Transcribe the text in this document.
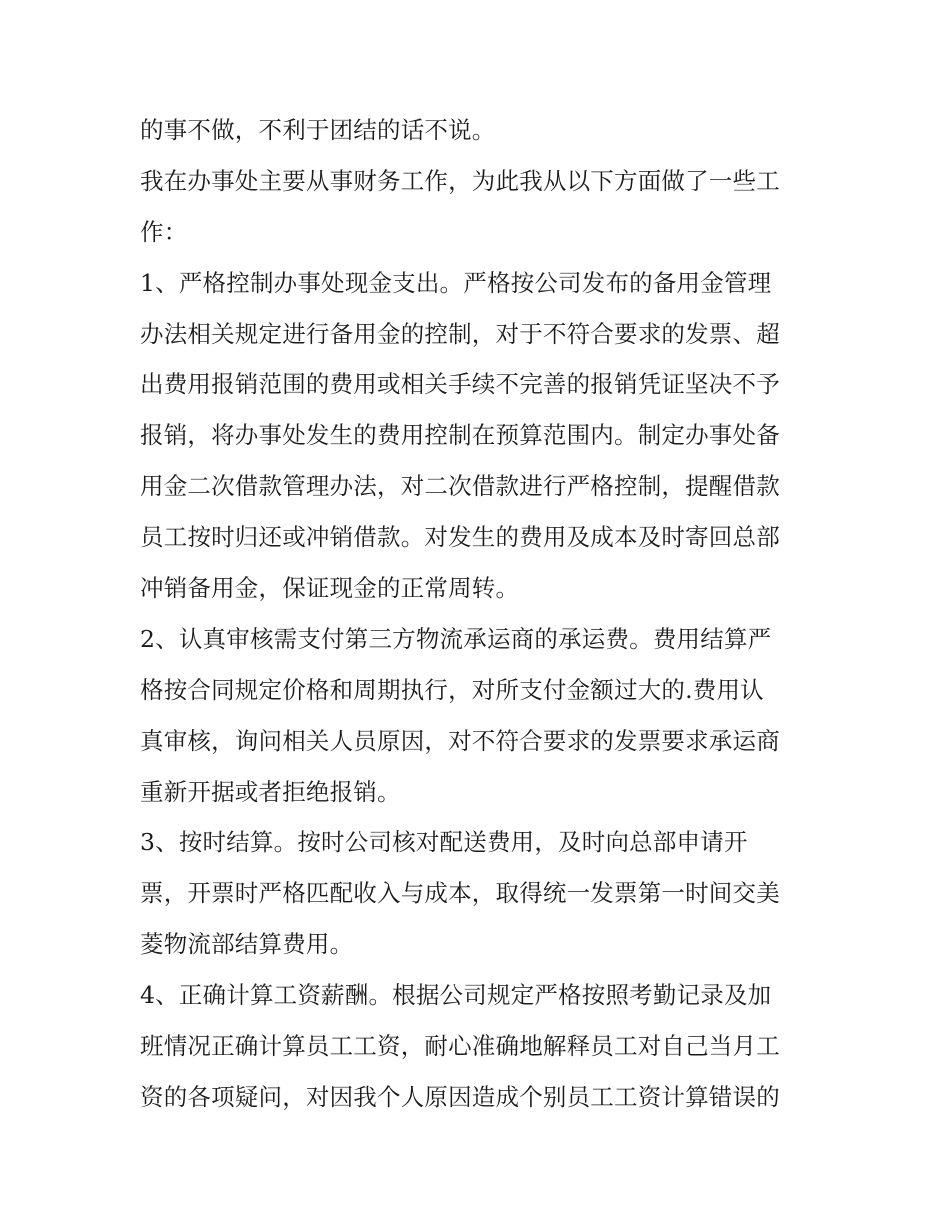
的事不做，不利于团结的话不说。
我在办事处主要从事财务工作，为此我从以下方面做了一些工
作：
1、严格控制办事处现金支出。严格按公司发布的备用金管理
办法相关规定进行备用金的控制，对于不符合要求的发票、超
出费用报销范围的费用或相关手续不完善的报销凭证坚决不予
报销，将办事处发生的费用控制在预算范围内。制定办事处备
用金二次借款管理办法，对二次借款进行严格控制，提醒借款
员工按时归还或冲销借款。对发生的费用及成本及时寄回总部
冲销备用金，保证现金的正常周转。
2、认真审核需支付第三方物流承运商的承运费。费用结算严
格按合同规定价格和周期执行，对所支付金额过大的.费用认
真审核，询问相关人员原因，对不符合要求的发票要求承运商
重新开据或者拒绝报销。
3、按时结算。按时公司核对配送费用，及时向总部申请开
票，开票时严格匹配收入与成本，取得统一发票第一时间交美
菱物流部结算费用。
4、正确计算工资薪酬。根据公司规定严格按照考勤记录及加
班情况正确计算员工工资，耐心准确地解释员工对自己当月工
资的各项疑问，对因我个人原因造成个别员工工资计算错误的
